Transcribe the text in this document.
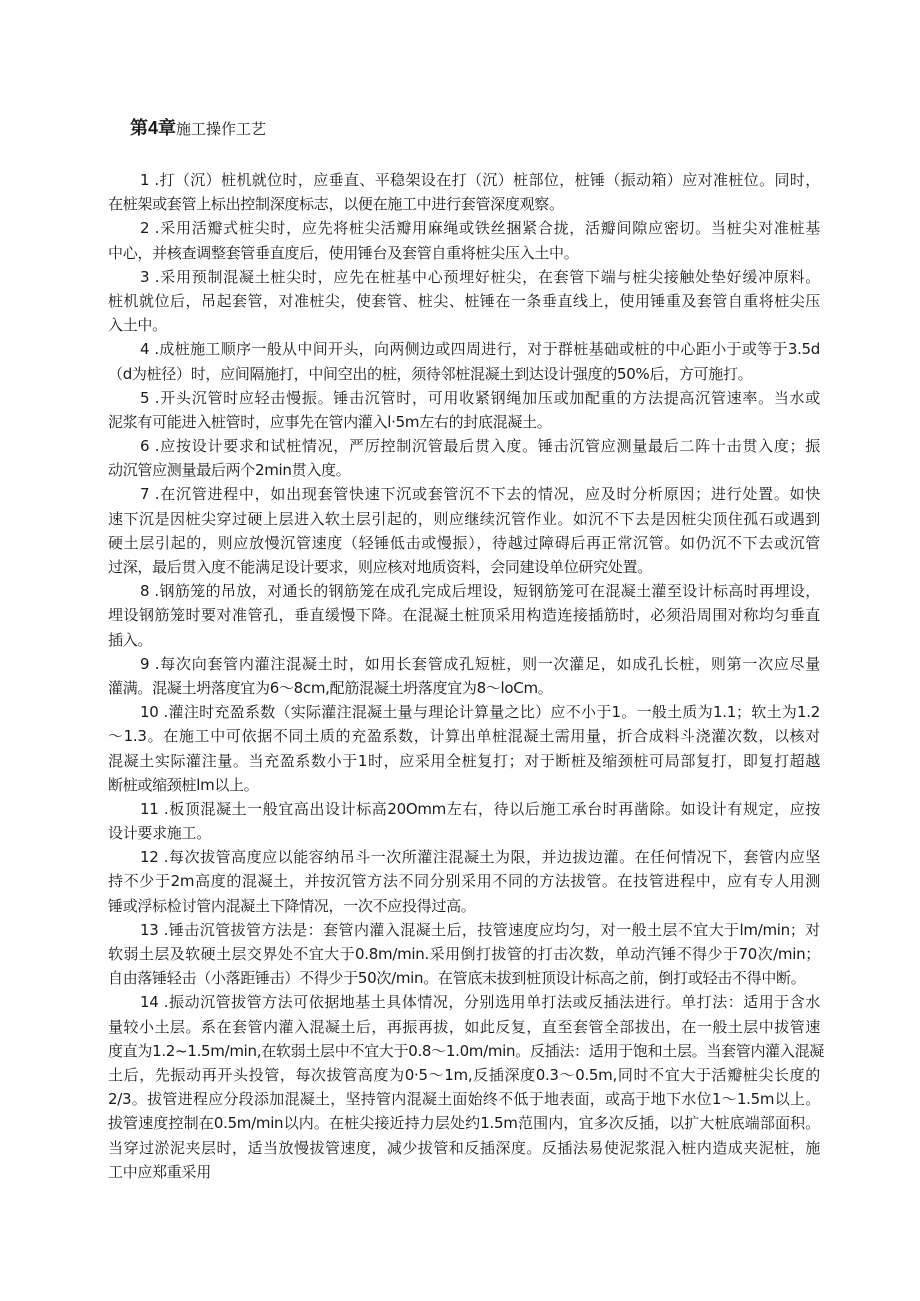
第4章施工操作工艺
1 .打（沉）桩机就位时，应垂直、平稳架设在打（沉）桩部位，桩锤（振动箱）应对准桩位。同时，
在桩架或套管上标出控制深度标志，以便在施工中进行套管深度观察。
2 .采用活瓣式桩尖时，应先将桩尖活瓣用麻绳或铁丝捆紧合拢，活瓣间隙应密切。当桩尖对准桩基
中心，并核查调整套管垂直度后，使用锤台及套管自重将桩尖压入土中。
3 .采用预制混凝土桩尖时，应先在桩基中心预埋好桩尖，在套管下端与桩尖接触处垫好缓冲原料。
桩机就位后，吊起套管，对准桩尖，使套管、桩尖、桩锤在一条垂直线上，使用锤重及套管自重将桩尖压
入土中。
4 .成桩施工顺序一般从中间开头，向两侧边或四周进行，对于群桩基础或桩的中心距小于或等于3.5d
（d为桩径）时，应间隔施打，中间空出的桩，须待邻桩混凝土到达设计强度的50%后，方可施打。
5 .开头沉管时应轻击慢振。锤击沉管时，可用收紧钢绳加压或加配重的方法提高沉管速率。当水或
泥浆有可能进入桩管时，应事先在管内灌入l·5m左右的封底混凝土。
6 .应按设计要求和试桩情况，严厉控制沉管最后贯入度。锤击沉管应测量最后二阵十击贯入度；振
动沉管应测量最后两个2min贯入度。
7 .在沉管进程中，如出现套管快速下沉或套管沉不下去的情况，应及时分析原因；进行处置。如快
速下沉是因桩尖穿过硬上层进入软土层引起的，则应继续沉管作业。如沉不下去是因桩尖顶住孤石或遇到
硬土层引起的，则应放慢沉管速度（轻锤低击或慢振），待越过障碍后再正常沉管。如仍沉不下去或沉管
过深，最后贯入度不能满足设计要求，则应核对地质资料，会同建设单位研究处置。
8 .钢筋笼的吊放，对通长的钢筋笼在成孔完成后埋设，短钢筋笼可在混凝土灌至设计标高时再埋设，
埋设钢筋笼时要对准管孔，垂直缓慢下降。在混凝土桩顶采用构造连接插筋时，必须沿周围对称均匀垂直
插入。
9 .每次向套管内灌注混凝土时，如用长套管成孔短桩，则一次灌足，如成孔长桩，则第一次应尽量
灌满。混凝土坍落度宜为6～8cm,配筋混凝土坍落度宜为8～loCm。
10 .灌注时充盈系数（实际灌注混凝土量与理论计算量之比）应不小于1。一般土质为1.1；软土为1.2
～1.3。在施工中可依据不同土质的充盈系数，计算出单桩混凝土需用量，折合成料斗浇灌次数，以核对
混凝土实际灌注量。当充盈系数小于1时，应采用全桩复打；对于断桩及缩颈桩可局部复打，即复打超越
断桩或缩颈桩lm以上。
11 .板顶混凝土一般宜高出设计标高20Omm左右，待以后施工承台时再凿除。如设计有规定，应按
设计要求施工。
12 .每次拔管高度应以能容纳吊斗一次所灌注混凝土为限，并边拔边灌。在任何情况下，套管内应坚
持不少于2m高度的混凝土，并按沉管方法不同分别采用不同的方法拔管。在技管进程中，应有专人用测
锤或浮标检讨管内混凝土下降情况，一次不应投得过高。
13 .锤击沉管拔管方法是：套管内灌入混凝土后，技管速度应均匀，对一般土层不宜大于lm/min；对
软弱土层及软硬土层交界处不宜大于0.8m/min.采用倒打拔管的打击次数，单动汽锤不得少于70次/min；
自由落锤轻击（小落距锤击）不得少于50次/min。在管底未拔到桩顶设计标高之前，倒打或轻击不得中断。
14 .振动沉管拔管方法可依据地基土具体情况，分别选用单打法或反插法进行。单打法：适用于含水
量较小土层。系在套管内灌入混凝土后，再振再拔，如此反复，直至套管全部拔出，在一般土层中拔管速
度直为1.2~1.5m/min,在软弱土层中不宜大于0.8～1.0m/min。反插法：适用于饱和土层。当套管内灌入混凝
土后，先振动再开头投管，每次拔管高度为0·5～1m,反插深度0.3～0.5m,同时不宜大于活瓣桩尖长度的
2/3。拔管进程应分段添加混凝土，坚持管内混凝土面始终不低于地表面，或高于地下水位1～1.5m以上。
拔管速度控制在0.5m/min以内。在桩尖接近持力层处约1.5m范围内，宜多次反插，以扩大桩底端部面积。
当穿过淤泥夹层时，适当放慢拔管速度，减少拔管和反插深度。反插法易使泥浆混入桩内造成夹泥桩，施
工中应郑重采用
